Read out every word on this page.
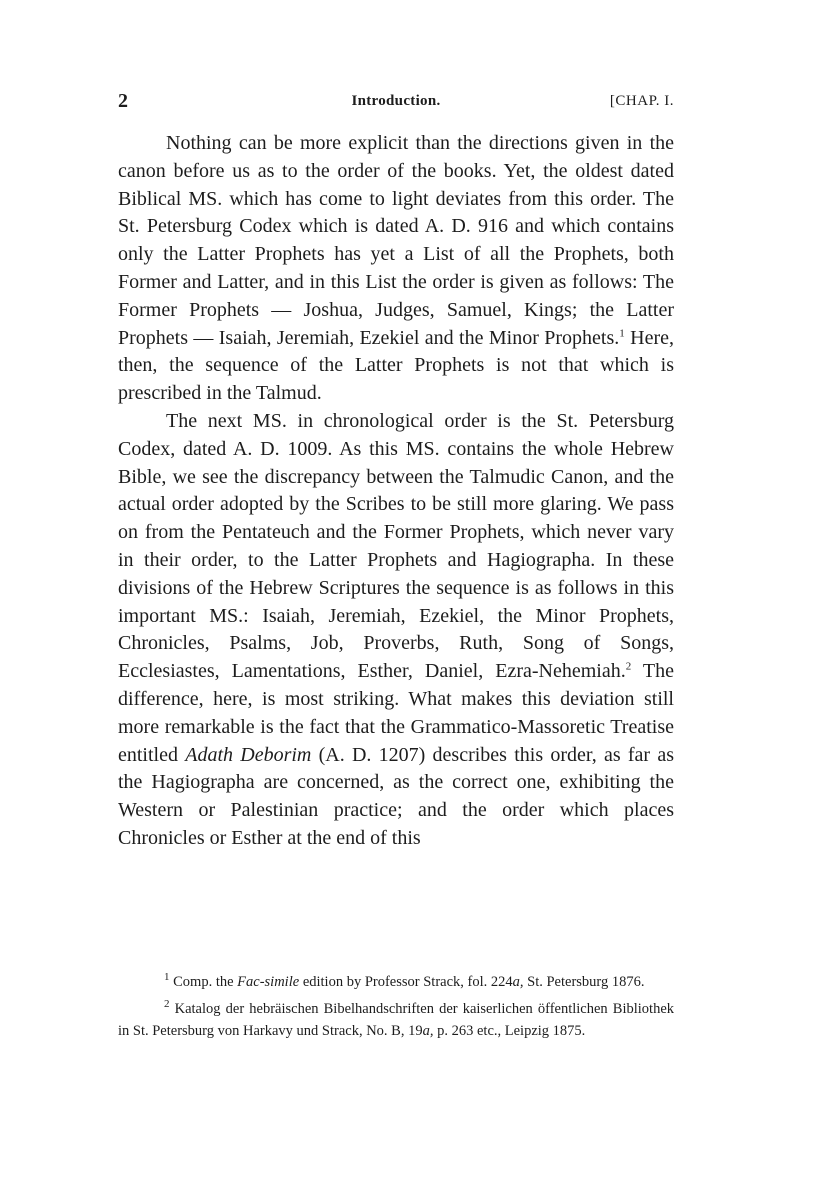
2	Introduction.	[CHAP. I.

Nothing can be more explicit than the directions given in the canon before us as to the order of the books. Yet, the oldest dated Biblical MS. which has come to light deviates from this order. The St. Petersburg Codex which is dated A. D. 916 and which contains only the Latter Prophets has yet a List of all the Prophets, both Former and Latter, and in this List the order is given as follows: The Former Prophets — Joshua, Judges, Samuel, Kings; the Latter Prophets — Isaiah, Jeremiah, Ezekiel and the Minor Prophets.$^1$ Here, then, the sequence of the Latter Prophets is not that which is prescribed in the Talmud.

The next MS. in chronological order is the St. Petersburg Codex, dated A. D. 1009. As this MS. contains the whole Hebrew Bible, we see the discrepancy between the Talmudic Canon, and the actual order adopted by the Scribes to be still more glaring. We pass on from the Pentateuch and the Former Prophets, which never vary in their order, to the Latter Prophets and Hagiographa. In these divisions of the Hebrew Scriptures the sequence is as follows in this important MS.: Isaiah, Jeremiah, Ezekiel, the Minor Prophets, Chronicles, Psalms, Job, Proverbs, Ruth, Song of Songs, Ecclesiastes, Lamentations, Esther, Daniel, Ezra-Nehemiah.$^2$ The difference, here, is most striking. What makes this deviation still more remarkable is the fact that the Grammatico-Massoretic Treatise entitled Adath Deborim (A. D. 1207) describes this order, as far as the Hagiographa are concerned, as the correct one, exhibiting the Western or Palestinian practice; and the order which places Chronicles or Esther at the end of this

$^1$ Comp. the Fac-simile edition by Professor Strack, fol. 224a, St. Petersburg 1876.

$^2$ Katalog der hebräischen Bibelhandschriften der kaiserlichen öffentlichen Bibliothek in St. Petersburg von Harkavy und Strack, No. B, 19a, p. 263 etc., Leipzig 1875.
